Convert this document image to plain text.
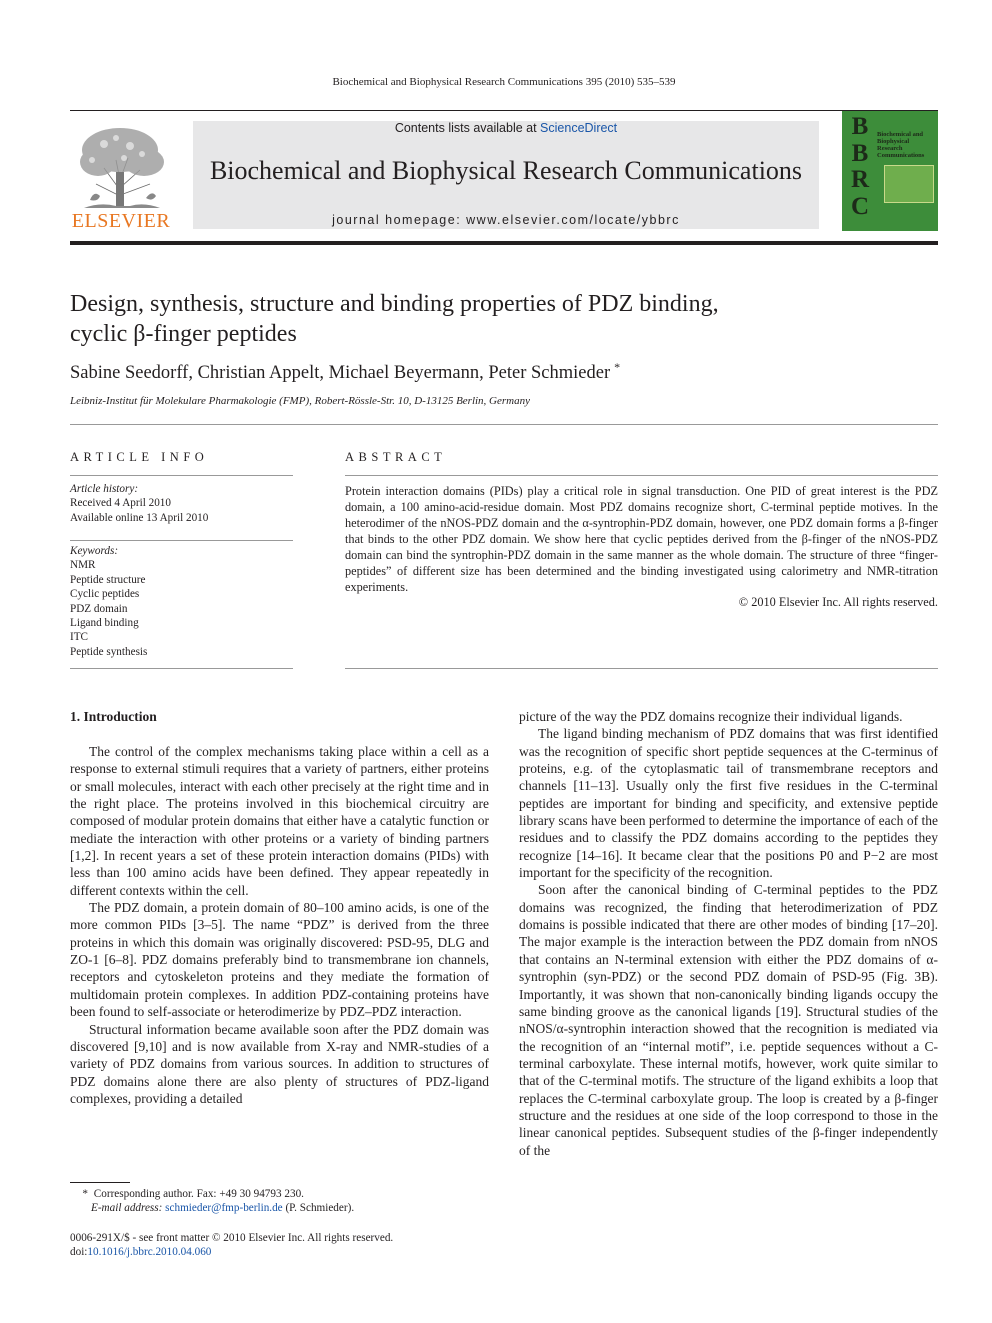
Biochemical and Biophysical Research Communications 395 (2010) 535–539
Contents lists available at ScienceDirect
Biochemical and Biophysical Research Communications
journal homepage: www.elsevier.com/locate/ybbrc
ELSEVIER
B
B
R
C
Biochemical and
Biophysical
Research
Communications
Design, synthesis, structure and binding properties of PDZ binding,
cyclic β-finger peptides
Sabine Seedorff, Christian Appelt, Michael Beyermann, Peter Schmieder *
Leibniz-Institut für Molekulare Pharmakologie (FMP), Robert-Rössle-Str. 10, D-13125 Berlin, Germany
ARTICLE INFO
Article history:
Received 4 April 2010
Available online 13 April 2010
Keywords:
NMR
Peptide structure
Cyclic peptides
PDZ domain
Ligand binding
ITC
Peptide synthesis
ABSTRACT
Protein interaction domains (PIDs) play a critical role in signal transduction. One PID of great interest is the PDZ domain, a 100 amino-acid-residue domain. Most PDZ domains recognize short, C-terminal peptide motives. In the heterodimer of the nNOS-PDZ domain and the α-syntrophin-PDZ domain, however, one PDZ domain forms a β-finger that binds to the other PDZ domain. We show here that cyclic peptides derived from the β-finger of the nNOS-PDZ domain can bind the syntrophin-PDZ domain in the same manner as the whole domain. The structure of three “finger-peptides” of different size has been determined and the binding investigated using calorimetry and NMR-titration experiments.
© 2010 Elsevier Inc. All rights reserved.
1. Introduction

The control of the complex mechanisms taking place within a cell as a response to external stimuli requires that a variety of partners, either proteins or small molecules, interact with each other precisely at the right time and in the right place. The proteins involved in this biochemical circuitry are composed of modular protein domains that either have a catalytic function or mediate the interaction with other proteins or a variety of binding partners [1,2]. In recent years a set of these protein interaction domains (PIDs) with less than 100 amino acids have been defined. They appear repeatedly in different contexts within the cell.

The PDZ domain, a protein domain of 80–100 amino acids, is one of the more common PIDs [3–5]. The name “PDZ” is derived from the three proteins in which this domain was originally discovered: PSD-95, DLG and ZO-1 [6–8]. PDZ domains preferably bind to transmembrane ion channels, receptors and cytoskeleton proteins and they mediate the formation of multidomain protein complexes. In addition PDZ-containing proteins have been found to self-associate or heterodimerize by PDZ–PDZ interaction.

Structural information became available soon after the PDZ domain was discovered [9,10] and is now available from X-ray and NMR-studies of a variety of PDZ domains from various sources. In addition to structures of PDZ domains alone there are also plenty of structures of PDZ-ligand complexes, providing a detailed

picture of the way the PDZ domains recognize their individual ligands.

The ligand binding mechanism of PDZ domains that was first identified was the recognition of specific short peptide sequences at the C-terminus of proteins, e.g. of the cytoplasmatic tail of transmembrane receptors and channels [11–13]. Usually only the first five residues in the C-terminal peptides are important for binding and specificity, and extensive peptide library scans have been performed to determine the importance of each of the residues and to classify the PDZ domains according to the peptides they recognize [14–16]. It became clear that the positions P0 and P−2 are most important for the specificity of the recognition.

Soon after the canonical binding of C-terminal peptides to the PDZ domains was recognized, the finding that heterodimerization of PDZ domains is possible indicated that there are other modes of binding [17–20]. The major example is the interaction between the PDZ domain from nNOS that contains an N-terminal extension with either the PDZ domains of α-syntrophin (syn-PDZ) or the second PDZ domain of PSD-95 (Fig. 3B). Importantly, it was shown that non-canonically binding ligands occupy the same binding groove as the canonical ligands [19]. Structural studies of the nNOS/α-syntrophin interaction showed that the recognition is mediated via the recognition of an “internal motif”, i.e. peptide sequences without a C-terminal carboxylate. These internal motifs, however, work quite similar to that of the C-terminal motifs. The structure of the ligand exhibits a loop that replaces the C-terminal carboxylate group. The loop is created by a β-finger structure and the residues at one side of the loop correspond to those in the linear canonical peptides. Subsequent studies of the β-finger independently of the

* Corresponding author. Fax: +49 30 94793 230.
E-mail address: schmieder@fmp-berlin.de (P. Schmieder).
0006-291X/$ - see front matter © 2010 Elsevier Inc. All rights reserved.
doi:10.1016/j.bbrc.2010.04.060
